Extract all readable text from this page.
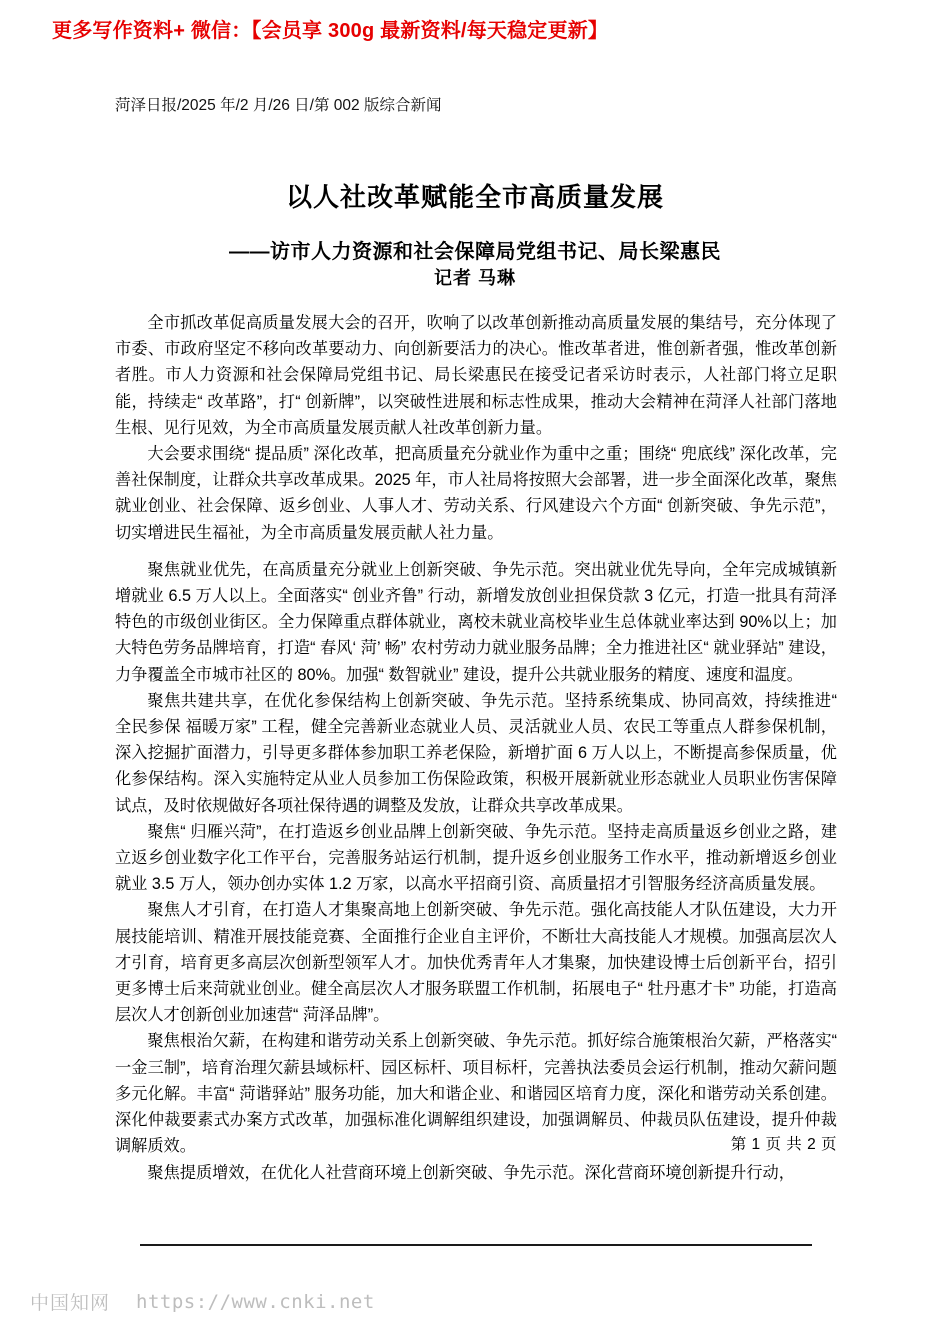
更多写作资料+ 微信：【会员享 300g 最新资料/每天稳定更新】
菏泽日报/2025 年/2 月/26 日/第 002 版综合新闻
以人社改革赋能全市高质量发展
——访市人力资源和社会保障局党组书记、局长梁惠民
记者 马琳

全市抓改革促高质量发展大会的召开，吹响了以改革创新推动高质量发展的集结号，充分体现了市委、市政府坚定不移向改革要动力、向创新要活力的决心。惟改革者进，惟创新者强，惟改革创新者胜。市人力资源和社会保障局党组书记、局长梁惠民在接受记者采访时表示，人社部门将立足职能，持续走“ 改革路”，打“ 创新牌”，以突破性进展和标志性成果，推动大会精神在菏泽人社部门落地生根、见行见效，为全市高质量发展贡献人社改革创新力量。

大会要求围绕“ 提品质” 深化改革，把高质量充分就业作为重中之重；围绕“ 兜底线” 深化改革，完善社保制度，让群众共享改革成果。2025 年，市人社局将按照大会部署，进一步全面深化改革，聚焦就业创业、社会保障、返乡创业、人事人才、劳动关系、行风建设六个方面“ 创新突破、争先示范”，切实增进民生福祉，为全市高质量发展贡献人社力量。

聚焦就业优先，在高质量充分就业上创新突破、争先示范。突出就业优先导向，全年完成城镇新增就业 6.5 万人以上。全面落实“ 创业齐鲁” 行动，新增发放创业担保贷款 3 亿元，打造一批具有菏泽特色的市级创业街区。全力保障重点群体就业，离校未就业高校毕业生总体就业率达到 90%以上；加大特色劳务品牌培育，打造“ 春风‘ 菏’ 畅” 农村劳动力就业服务品牌；全力推进社区“ 就业驿站” 建设，力争覆盖全市城市社区的 80%。加强“ 数智就业” 建设，提升公共就业服务的精度、速度和温度。

聚焦共建共享，在优化参保结构上创新突破、争先示范。坚持系统集成、协同高效，持续推进“ 全民参保 福暖万家” 工程，健全完善新业态就业人员、灵活就业人员、农民工等重点人群参保机制，深入挖掘扩面潜力，引导更多群体参加职工养老保险，新增扩面 6 万人以上，不断提高参保质量，优化参保结构。深入实施特定从业人员参加工伤保险政策，积极开展新就业形态就业人员职业伤害保障试点，及时依规做好各项社保待遇的调整及发放，让群众共享改革成果。

聚焦“ 归雁兴菏”，在打造返乡创业品牌上创新突破、争先示范。坚持走高质量返乡创业之路，建立返乡创业数字化工作平台，完善服务站运行机制，提升返乡创业服务工作水平，推动新增返乡创业就业 3.5 万人，领办创办实体 1.2 万家，以高水平招商引资、高质量招才引智服务经济高质量发展。

聚焦人才引育，在打造人才集聚高地上创新突破、争先示范。强化高技能人才队伍建设，大力开展技能培训、精准开展技能竞赛、全面推行企业自主评价，不断壮大高技能人才规模。加强高层次人才引育，培育更多高层次创新型领军人才。加快优秀青年人才集聚，加快建设博士后创新平台，招引更多博士后来菏就业创业。健全高层次人才服务联盟工作机制，拓展电子“ 牡丹惠才卡” 功能，打造高层次人才创新创业加速营“ 菏泽品牌”。

聚焦根治欠薪，在构建和谐劳动关系上创新突破、争先示范。抓好综合施策根治欠薪，严格落实“ 一金三制”，培育治理欠薪县域标杆、园区标杆、项目标杆，完善执法委员会运行机制，推动欠薪问题多元化解。丰富“ 菏谐驿站” 服务功能，加大和谐企业、和谐园区培育力度，深化和谐劳动关系创建。深化仲裁要素式办案方式改革，加强标准化调解组织建设，加强调解员、仲裁员队伍建设，提升仲裁调解质效。

聚焦提质增效，在优化人社营商环境上创新突破、争先示范。深化营商环境创新提升行动，

第 1 页 共 2 页
中国知网 https://www.cnki.net
